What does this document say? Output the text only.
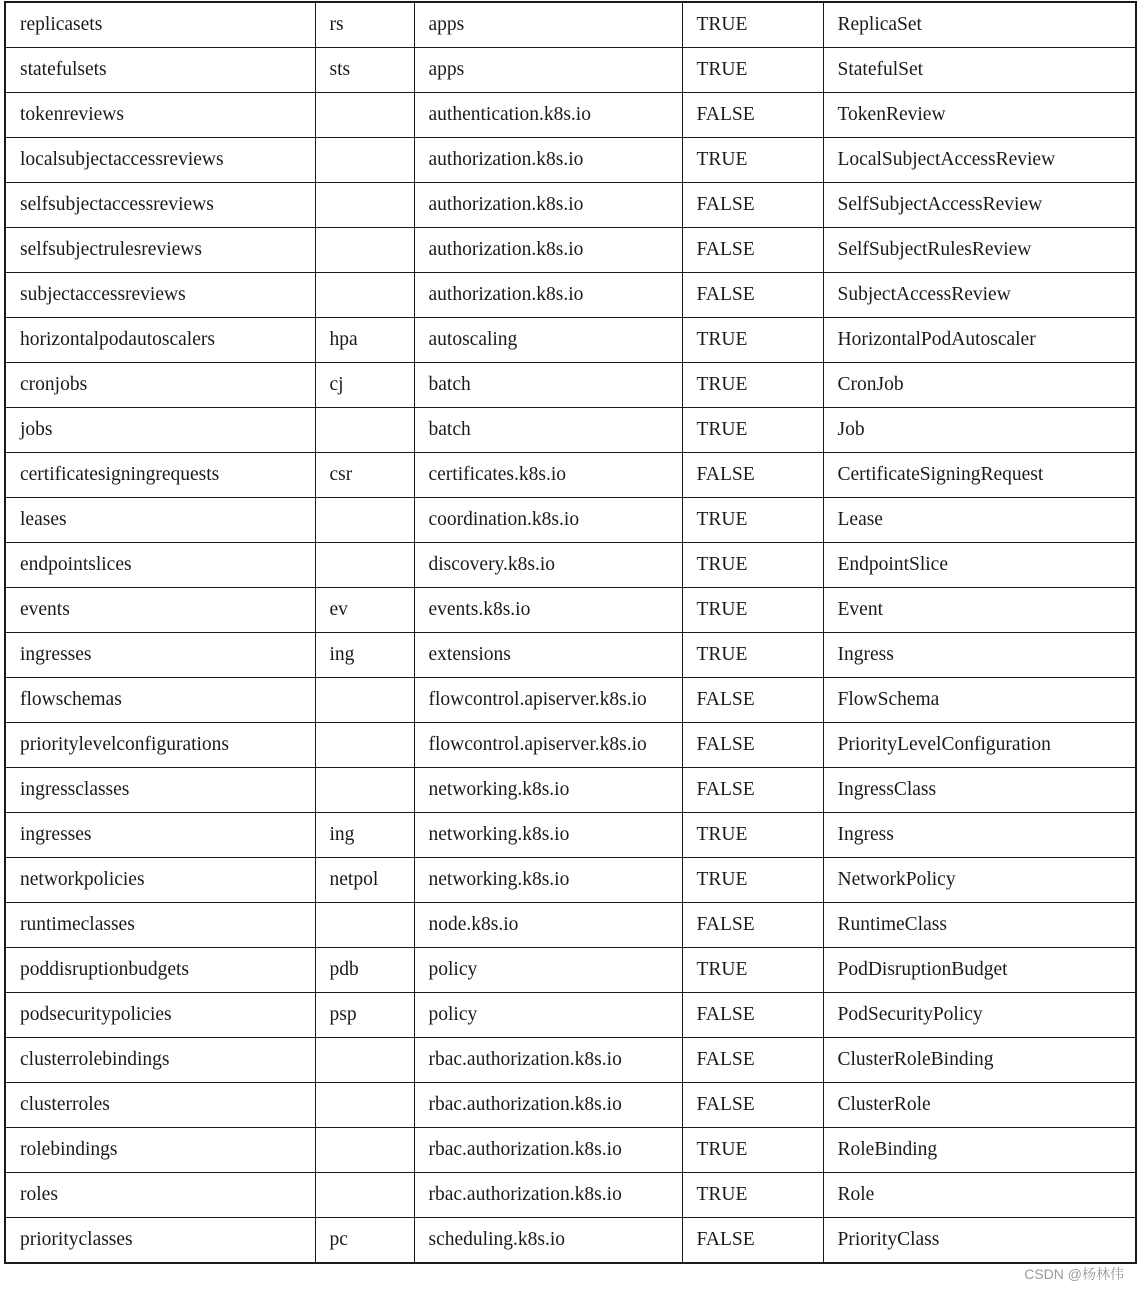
replicasets	rs	apps	TRUE	ReplicaSet
statefulsets	sts	apps	TRUE	StatefulSet
tokenreviews		authentication.k8s.io	FALSE	TokenReview
localsubjectaccessreviews		authorization.k8s.io	TRUE	LocalSubjectAccessReview
selfsubjectaccessreviews		authorization.k8s.io	FALSE	SelfSubjectAccessReview
selfsubjectrulesreviews		authorization.k8s.io	FALSE	SelfSubjectRulesReview
subjectaccessreviews		authorization.k8s.io	FALSE	SubjectAccessReview
horizontalpodautoscalers	hpa	autoscaling	TRUE	HorizontalPodAutoscaler
cronjobs	cj	batch	TRUE	CronJob
jobs		batch	TRUE	Job
certificatesigningrequests	csr	certificates.k8s.io	FALSE	CertificateSigningRequest
leases		coordination.k8s.io	TRUE	Lease
endpointslices		discovery.k8s.io	TRUE	EndpointSlice
events	ev	events.k8s.io	TRUE	Event
ingresses	ing	extensions	TRUE	Ingress
flowschemas		flowcontrol.apiserver.k8s.io	FALSE	FlowSchema
prioritylevelconfigurations		flowcontrol.apiserver.k8s.io	FALSE	PriorityLevelConfiguration
ingressclasses		networking.k8s.io	FALSE	IngressClass
ingresses	ing	networking.k8s.io	TRUE	Ingress
networkpolicies	netpol	networking.k8s.io	TRUE	NetworkPolicy
runtimeclasses		node.k8s.io	FALSE	RuntimeClass
poddisruptionbudgets	pdb	policy	TRUE	PodDisruptionBudget
podsecuritypolicies	psp	policy	FALSE	PodSecurityPolicy
clusterrolebindings		rbac.authorization.k8s.io	FALSE	ClusterRoleBinding
clusterroles		rbac.authorization.k8s.io	FALSE	ClusterRole
rolebindings		rbac.authorization.k8s.io	TRUE	RoleBinding
roles		rbac.authorization.k8s.io	TRUE	Role
priorityclasses	pc	scheduling.k8s.io	FALSE	PriorityClass
CSDN @杨林伟
